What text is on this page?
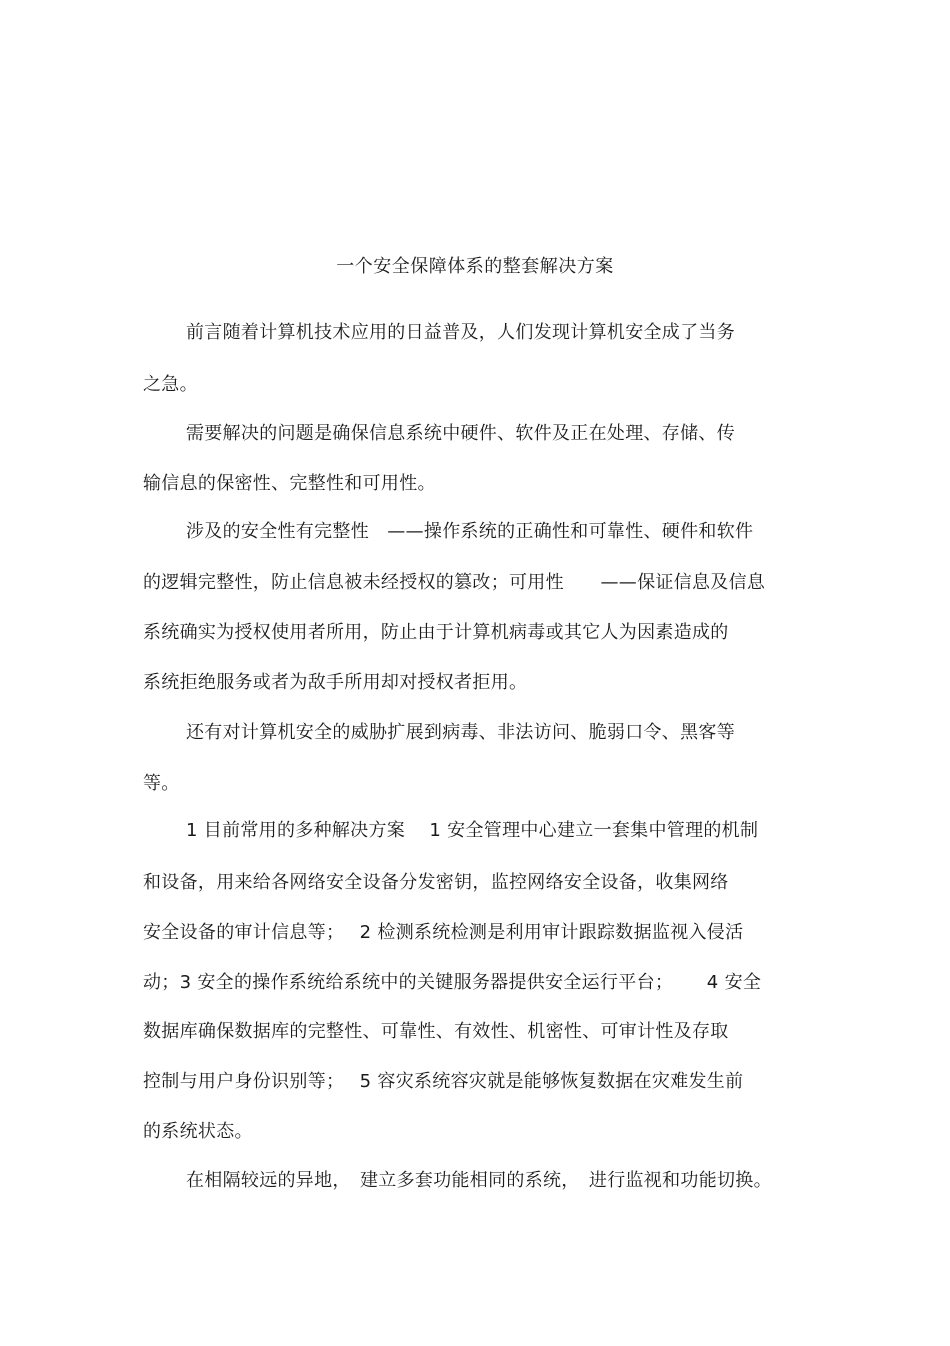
一个安全保障体系的整套解决方案
前言随着计算机技术应用的日益普及，人们发现计算机安全成了当务
之急。
需要解决的问题是确保信息系统中硬件、软件及正在处理、存储、传
输信息的保密性、完整性和可用性。
涉及的安全性有完整性　——操作系统的正确性和可靠性、硬件和软件
的逻辑完整性，防止信息被未经授权的篡改；可用性　　——保证信息及信息
系统确实为授权使用者所用，防止由于计算机病毒或其它人为因素造成的
系统拒绝服务或者为敌手所用却对授权者拒用。
还有对计算机安全的威胁扩展到病毒、非法访问、脆弱口令、黑客等
等。
1 目前常用的多种解决方案　 1 安全管理中心建立一套集中管理的机制
和设备，用来给各网络安全设备分发密钥，监控网络安全设备，收集网络
安全设备的审计信息等；　 2 检测系统检测是利用审计跟踪数据监视入侵活
动；3 安全的操作系统给系统中的关键服务器提供安全运行平台；　　 4 安全
数据库确保数据库的完整性、可靠性、有效性、机密性、可审计性及存取
控制与用户身份识别等；　 5 容灾系统容灾就是能够恢复数据在灾难发生前
的系统状态。
在相隔较远的异地，　建立多套功能相同的系统，　进行监视和功能切换。
